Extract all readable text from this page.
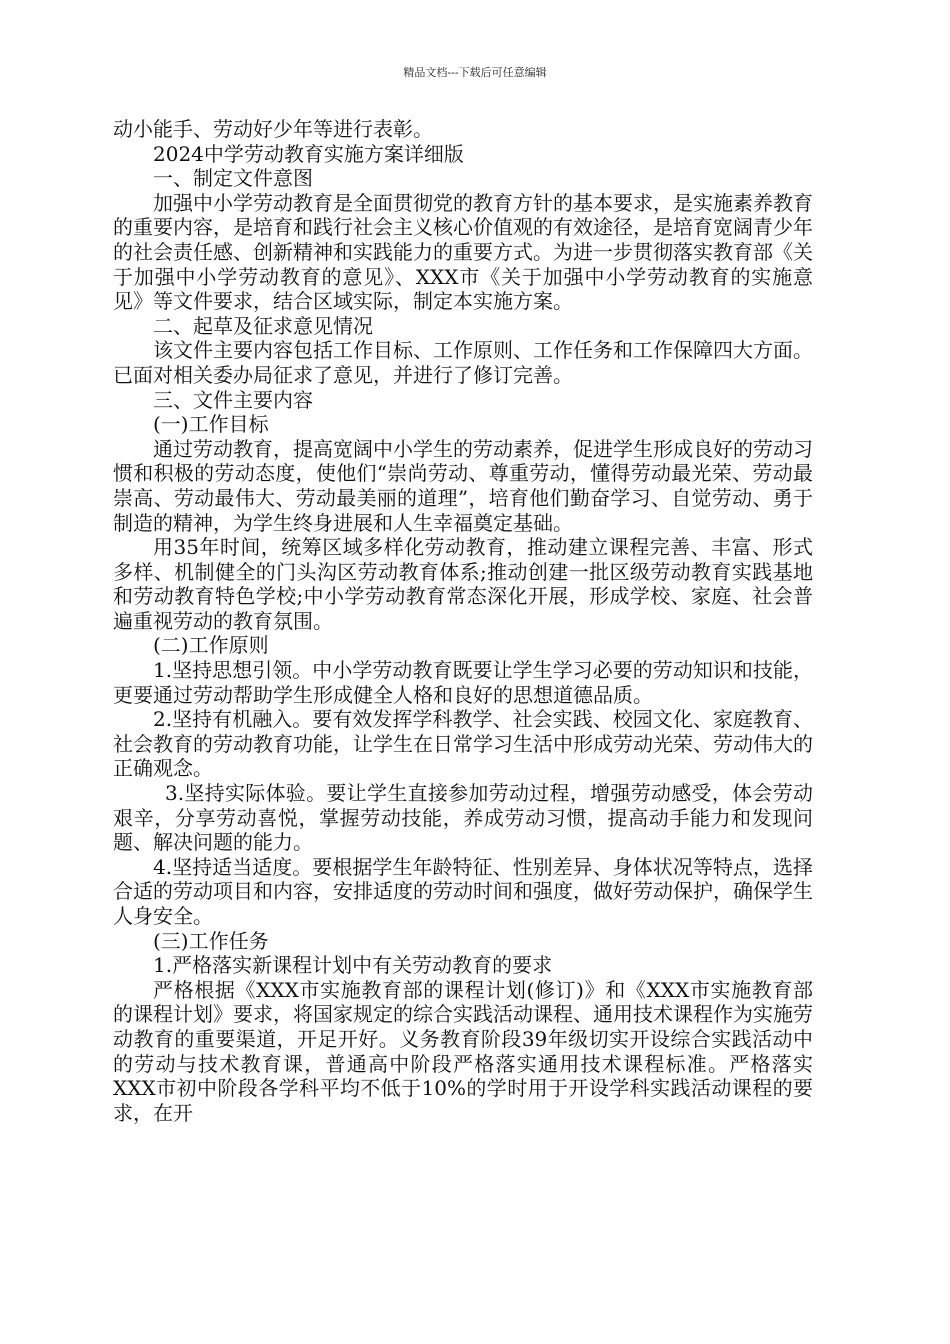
精品文档---下载后可任意编辑

动小能手、劳动好少年等进行表彰。

2024中学劳动教育实施方案详细版

一、制定文件意图

加强中小学劳动教育是全面贯彻党的教育方针的基本要求，是实施素养教育的重要内容，是培育和践行社会主义核心价值观的有效途径，是培育宽阔青少年的社会责任感、创新精神和实践能力的重要方式。为进一步贯彻落实教育部《关于加强中小学劳动教育的意见》、XXX市《关于加强中小学劳动教育的实施意见》等文件要求，结合区域实际，制定本实施方案。

二、起草及征求意见情况

该文件主要内容包括工作目标、工作原则、工作任务和工作保障四大方面。已面对相关委办局征求了意见，并进行了修订完善。

三、文件主要内容

(一)工作目标

通过劳动教育，提高宽阔中小学生的劳动素养，促进学生形成良好的劳动习惯和积极的劳动态度，使他们“崇尚劳动、尊重劳动，懂得劳动最光荣、劳动最崇高、劳动最伟大、劳动最美丽的道理”，培育他们勤奋学习、自觉劳动、勇于制造的精神，为学生终身进展和人生幸福奠定基础。

用35年时间，统筹区域多样化劳动教育，推动建立课程完善、丰富、形式多样、机制健全的门头沟区劳动教育体系;推动创建一批区级劳动教育实践基地和劳动教育特色学校;中小学劳动教育常态深化开展，形成学校、家庭、社会普遍重视劳动的教育氛围。

(二)工作原则

1.坚持思想引领。中小学劳动教育既要让学生学习必要的劳动知识和技能，更要通过劳动帮助学生形成健全人格和良好的思想道德品质。

2.坚持有机融入。要有效发挥学科教学、社会实践、校园文化、家庭教育、社会教育的劳动教育功能，让学生在日常学习生活中形成劳动光荣、劳动伟大的正确观念。

3.坚持实际体验。要让学生直接参加劳动过程，增强劳动感受，体会劳动艰辛，分享劳动喜悦，掌握劳动技能，养成劳动习惯，提高动手能力和发现问题、解决问题的能力。

4.坚持适当适度。要根据学生年龄特征、性别差异、身体状况等特点，选择合适的劳动项目和内容，安排适度的劳动时间和强度，做好劳动保护，确保学生人身安全。

(三)工作任务

1.严格落实新课程计划中有关劳动教育的要求

严格根据《XXX市实施教育部的课程计划(修订)》和《XXX市实施教育部的课程计划》要求，将国家规定的综合实践活动课程、通用技术课程作为实施劳动教育的重要渠道，开足开好。义务教育阶段39年级切实开设综合实践活动中的劳动与技术教育课，普通高中阶段严格落实通用技术课程标准。严格落实XXX市初中阶段各学科平均不低于10%的学时用于开设学科实践活动课程的要求，在开
